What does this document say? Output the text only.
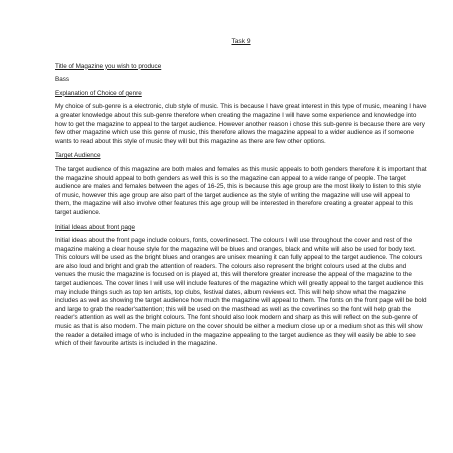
Task 9
Title of Magazine you wish to produce
Bass
Explanation of Choice of genre
My choice of sub-genre is a electronic, club style of music. This is because I have great interest in this type of music, meaning I have a greater knowledge about this sub-genre therefore when creating the magazine I will have some experience and knowledge into how to get the magazine to appeal to the target audience. However another reason i chose this sub-genre is because there are very few other magazine which use this genre of music, this therefore allows the magazine appeal to a wider audience as if someone wants to read about this style of music they will but this magazine as there are few other options.
Target Audience
The target audience of this magazine are both males and females as this music appeals to both genders therefore it is important that the magazine should appeal to both genders as well this is so the magazine can appeal to a wide range of people. The target audience are males and females between the ages of 16-25, this is because this age group are the most likely to listen to this style of music, however this age group are also part of the target audience as the style of writing the magazine will use will appeal to them, the magazine will also involve other features this age group will be interested in therefore creating a greater appeal to this target audience.
Initial Ideas about front page
Initial ideas about the front page include colours, fonts, coverlinesect. The colours I will use throughout the cover and rest of the magazine making a clear house style for the magazine will be blues and oranges, black and white will also be used for body text. This colours will be used as the bright blues and oranges are unisex meaning it can fully appeal to the target audience. The colours are also loud and bright and grab the attention of readers. The colours also represent the bright colours used at the clubs and venues the music the magazine is focused on is played at, this will therefore greater increase the appeal of the magazine to the target audiences. The cover lines I will use will include features of the magazine which will greatly appeal to the target audience this may include things such as top ten artists, top clubs, festival dates, album reviews ect. This will help show what the magazine includes as well as showing the target audience how much the magazine will appeal to them. The fonts on the front page will be bold and large to grab the reader'sattention; this will be used on the masthead as well as the coverlines so the font will help grab the reader's attention as well as the bright colours. The font should also look modern and sharp as this will reflect on the sub-genre of music as that is also modern. The main picture on the cover should be either a medium close up or a medium shot as this will show the reader a detailed image of who is included in the magazine appealing to the target audience as they will easily be able to see which of their favourite artists is included in the magazine.
